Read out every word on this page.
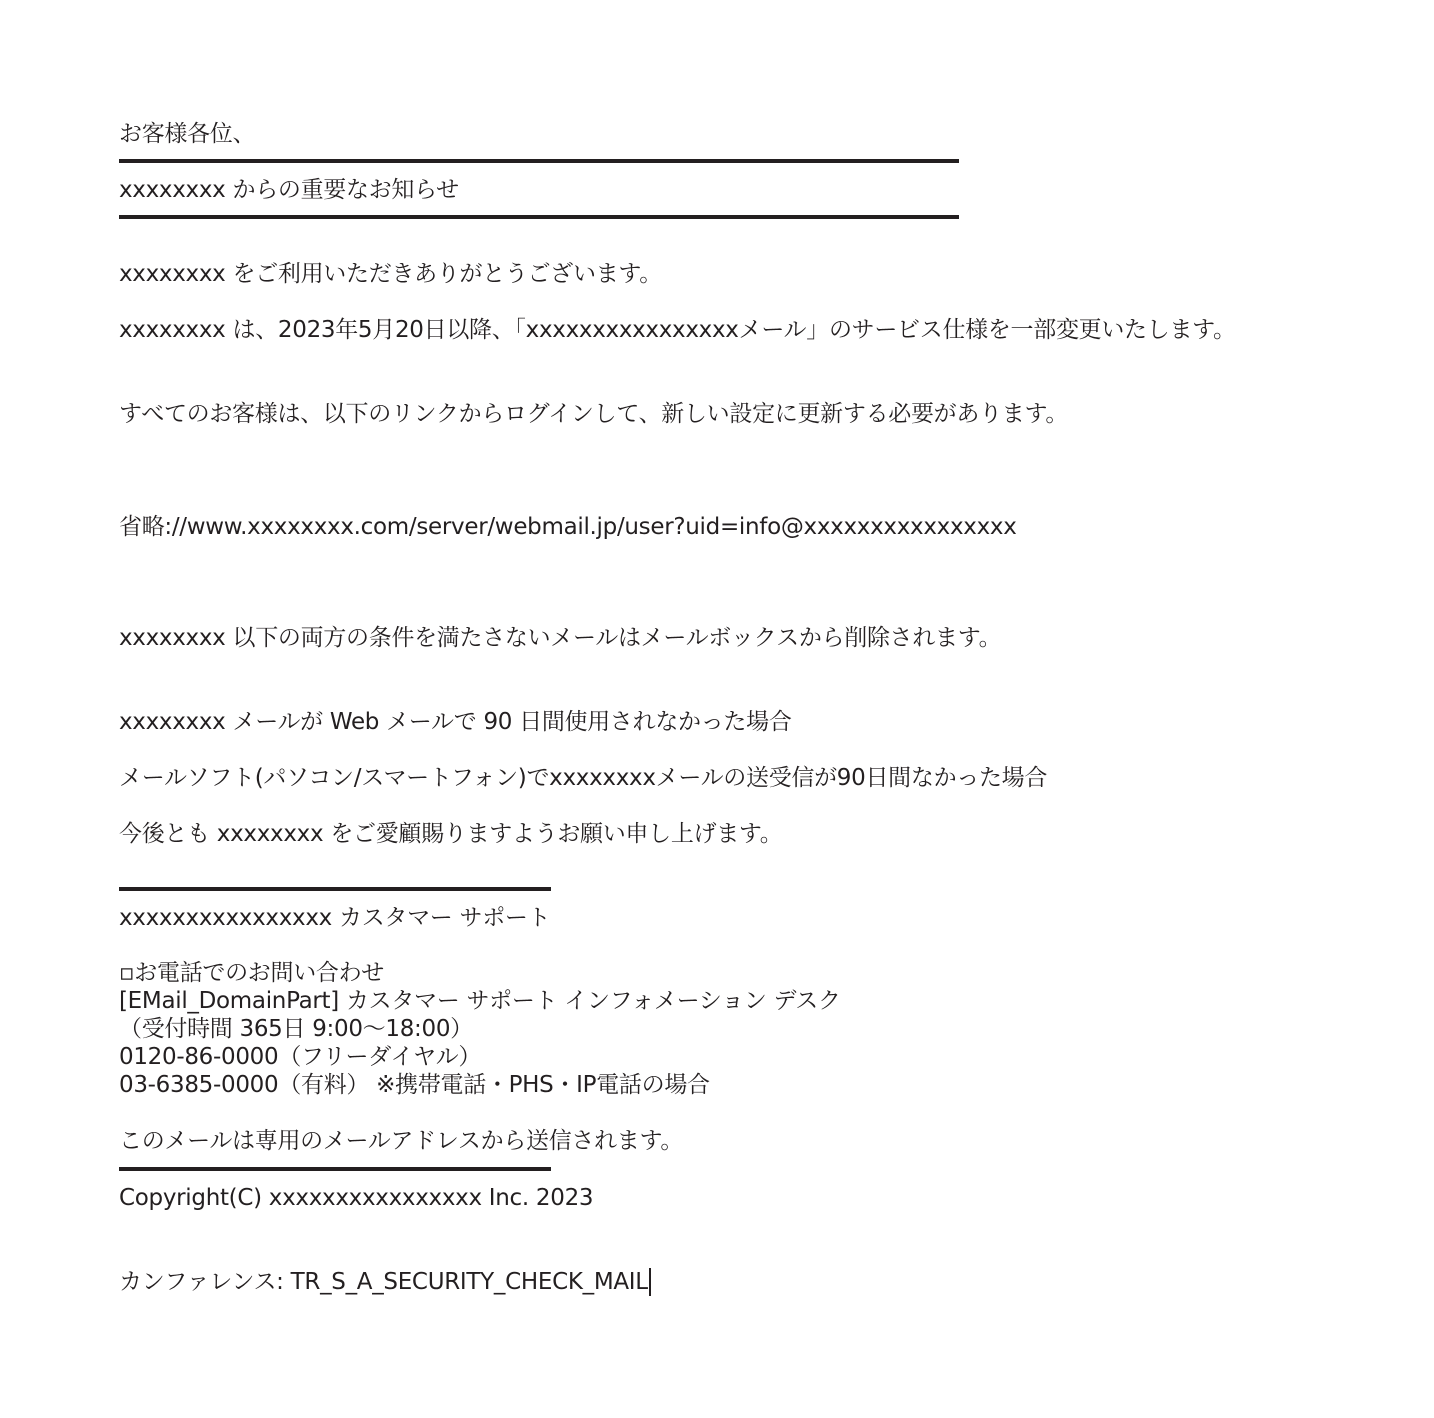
お客様各位、
xxxxxxxx からの重要なお知らせ
xxxxxxxx をご利用いただきありがとうございます。
xxxxxxxx は、2023年5月20日以降、「xxxxxxxxxxxxxxxxメール」のサービス仕様を一部変更いたします。
すべてのお客様は、以下のリンクからログインして、新しい設定に更新する必要があります。
省略://www.xxxxxxxx.com/server/webmail.jp/user?uid=info@xxxxxxxxxxxxxxxx
xxxxxxxx 以下の両方の条件を満たさないメールはメールボックスから削除されます。
xxxxxxxx メールが Web メールで 90 日間使用されなかった場合
メールソフト(パソコン/スマートフォン)でxxxxxxxxメールの送受信が90日間なかった場合
今後とも xxxxxxxx をご愛顧賜りますようお願い申し上げます。
xxxxxxxxxxxxxxxx カスタマー サポート
▫お電話でのお問い合わせ
[EMail_DomainPart] カスタマー サポート インフォメーション デスク
（受付時間 365日 9:00〜18:00）
0120-86-0000（フリーダイヤル）
03-6385-0000（有料） ※携帯電話・PHS・IP電話の場合
このメールは専用のメールアドレスから送信されます。
Copyright(C) xxxxxxxxxxxxxxxx Inc. 2023
カンファレンス: TR_S_A_SECURITY_CHECK_MAIL
